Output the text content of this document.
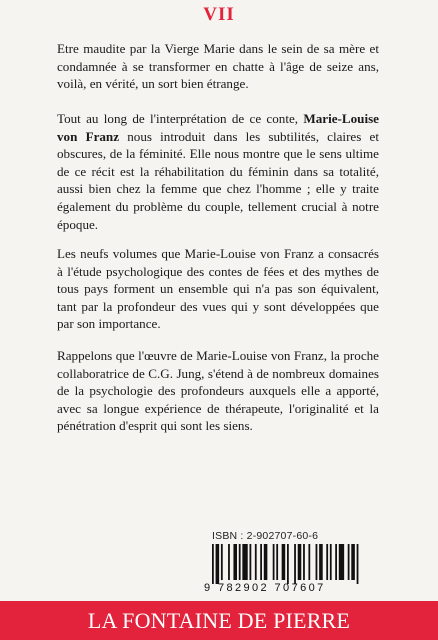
VII

Etre maudite par la Vierge Marie dans le sein de sa mère et condamnée à se transformer en chatte à l'âge de seize ans, voilà, en vérité, un sort bien étrange.

Tout au long de l'interprétation de ce conte, Marie-Louise von Franz nous introduit dans les subtilités, claires et obscures, de la féminité. Elle nous montre que le sens ultime de ce récit est la réhabilitation du féminin dans sa totalité, aussi bien chez la femme que chez l'homme ; elle y traite également du problème du couple, tellement crucial à notre époque.

Les neufs volumes que Marie-Louise von Franz a consacrés à l'étude psychologique des contes de fées et des mythes de tous pays forment un ensemble qui n'a pas son équivalent, tant par la profondeur des vues qui y sont développées que par son importance.

Rappelons que l'œuvre de Marie-Louise von Franz, la proche collaboratrice de C.G. Jung, s'étend à de nombreux domaines de la psychologie des profondeurs auxquels elle a apporté, avec sa longue expérience de thérapeute, l'originalité et la pénétration d'esprit qui sont les siens.

ISBN : 2-902707-60-6
9 782902 707607
LA FONTAINE DE PIERRE
